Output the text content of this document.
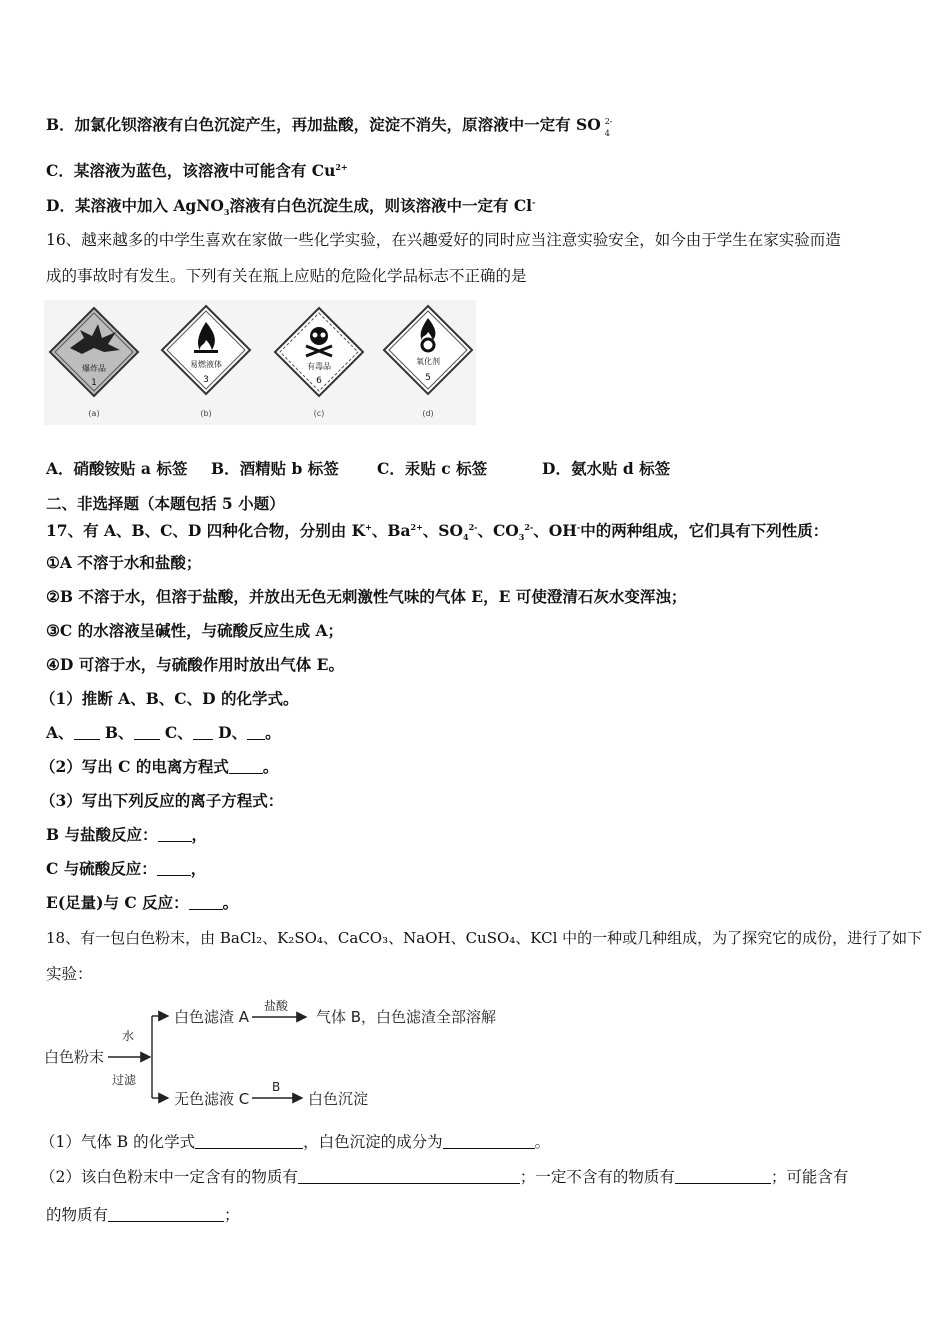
B．加氯化钡溶液有白色沉淀产生，再加盐酸，淀淀不消失，原溶液中一定有 SO 2-
4
C．某溶液为蓝色，该溶液中可能含有 $Cu^{2+}$
D．某溶液中加入 AgNO$_3$溶液有白色沉淀生成，则该溶液中一定有 Cl-
16、越来越多的中学生喜欢在家做一些化学实验，在兴趣爱好的同时应当注意实验安全，如今由于学生在家实验而造
成的事故时有发生。下列有关在瓶上应贴的危险化学品标志不正确的是
爆炸品
1
(a)
易燃液体
3
(b)
有毒品
6
(c)
氧化剂
5
(d)
A．硝酸铵贴 a 标签 B．酒精贴 b 标签 C．汞贴 c 标签	D．氨水贴 d 标签
二、非选择题（本题包括 5 小题）
17、有 A、B、C、D 四种化合物，分别由 K+、$Ba^{2+}$、$SO_4^{2-}$、$CO_3^{2-}$、OH-中的两种组成，它们具有下列性质：
①A 不溶于水和盐酸；
②B 不溶于水，但溶于盐酸，并放出无色无刺激性气味的气体 E，E 可使澄清石灰水变浑浊；
③C 的水溶液呈碱性，与硫酸反应生成 A；
④D 可溶于水，与硫酸作用时放出气体 E。
（1）推断 A、B、C、D 的化学式。
A、 B、 C、 D、 。
（2）写出 C 的电离方程式 。
（3）写出下列反应的离子方程式：
B 与盐酸反应： ，
C 与硫酸反应： ，
E(足量)与 C 反应： 。
18、有一包白色粉末，由 BaCl₂、K₂SO₄、CaCO₃、NaOH、CuSO₄、KCl 中的一种或几种组成，为了探究它的成份，进行了如下
实验：
白色粉末
水
过滤
白色滤渣 A
盐酸
气体 B，白色滤渣全部溶解
无色滤液 C
B
白色沉淀
（1）气体 B 的化学式	，白色沉淀的成分为	。
（2）该白色粉末中一定含有的物质有	；一定不含有的物质有	；可能含有
的物质有	；
